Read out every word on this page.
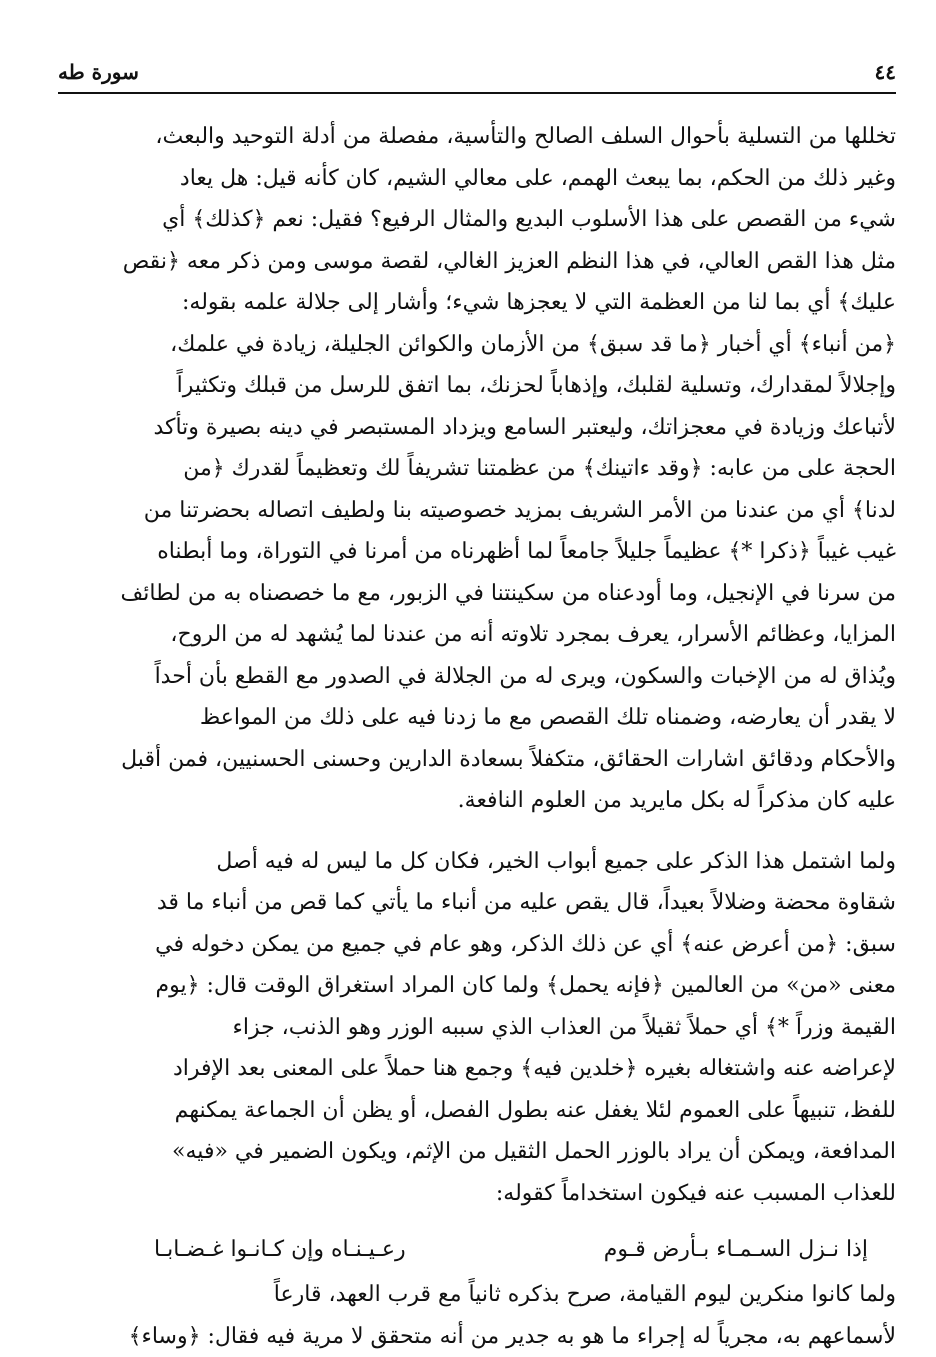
٤٤
سورة طه

تخللها من التسلية بأحوال السلف الصالح والتأسية، مفصلة من أدلة التوحيد والبعث،

وغير ذلك من الحكم، بما يبعث الهمم، على معالي الشيم، كان كأنه قيل: هل يعاد

شيء من القصص على هذا الأسلوب البديع والمثال الرفيع؟ فقيل: نعم ﴿كذلك﴾ أي

مثل هذا القص العالي، في هذا النظم العزيز الغالي، لقصة موسى ومن ذكر معه ﴿نقص

عليك﴾ أي بما لنا من العظمة التي لا يعجزها شيء؛ وأشار إلى جلالة علمه بقوله:

﴿من أنباء﴾ أي أخبار ﴿ما قد سبق﴾ من الأزمان والكوائن الجليلة، زيادة في علمك،

وإجلالاً لمقدارك، وتسلية لقلبك، وإذهاباً لحزنك، بما اتفق للرسل من قبلك وتكثيراً

لأتباعك وزيادة في معجزاتك، وليعتبر السامع ويزداد المستبصر في دينه بصيرة وتأكد

الحجة على من عابه: ﴿وقد ءاتينك﴾ من عظمتنا تشريفاً لك وتعظيماً لقدرك ﴿من

لدنا﴾ أي من عندنا من الأمر الشريف بمزيد خصوصيته بنا ولطيف اتصاله بحضرتنا من

غيب غيباً ﴿ذكرا *﴾ عظيماً جليلاً جامعاً لما أظهرناه من أمرنا في التوراة، وما أبطناه

من سرنا في الإنجيل، وما أودعناه من سكينتنا في الزبور، مع ما خصصناه به من لطائف

المزايا، وعظائم الأسرار، يعرف بمجرد تلاوته أنه من عندنا لما يُشهد له من الروح،

ويُذاق له من الإخبات والسكون، ويرى له من الجلالة في الصدور مع القطع بأن أحداً

لا يقدر أن يعارضه، وضمناه تلك القصص مع ما زدنا فيه على ذلك من المواعظ

والأحكام ودقائق اشارات الحقائق، متكفلاً بسعادة الدارين وحسنى الحسنيين، فمن أقبل

عليه كان مذكراً له بكل مايريد من العلوم النافعة.

ولما اشتمل هذا الذكر على جميع أبواب الخير، فكان كل ما ليس له فيه أصل

شقاوة محضة وضلالاً بعيداً، قال يقص عليه من أنباء ما يأتي كما قص من أنباء ما قد

سبق: ﴿من أعرض عنه﴾ أي عن ذلك الذكر، وهو عام في جميع من يمكن دخوله في

معنى «من» من العالمين ﴿فإنه يحمل﴾ ولما كان المراد استغراق الوقت قال: ﴿يوم

القيمة وزراً *﴾ أي حملاً ثقيلاً من العذاب الذي سببه الوزر وهو الذنب، جزاء

لإعراضه عنه واشتغاله بغيره ﴿خلدين فيه﴾ وجمع هنا حملاً على المعنى بعد الإفراد

للفظ، تنبيهاً على العموم لئلا يغفل عنه بطول الفصل، أو يظن أن الجماعة يمكنهم

المدافعة، ويمكن أن يراد بالوزر الحمل الثقيل من الإثم، ويكون الضمير في «فيه»

للعذاب المسبب عنه فيكون استخداماً كقوله:

إذا نـزل السـمـاء بـأرض قـوم
رعـيـنـاه وإن كـانـوا غـضـابـا

ولما كانوا منكرين ليوم القيامة، صرح بذكره ثانياً مع قرب العهد، قارعاً

لأسماعهم به، مجرياً له إجراء ما هو به جدير من أنه متحقق لا مرية فيه فقال: ﴿وساء﴾
